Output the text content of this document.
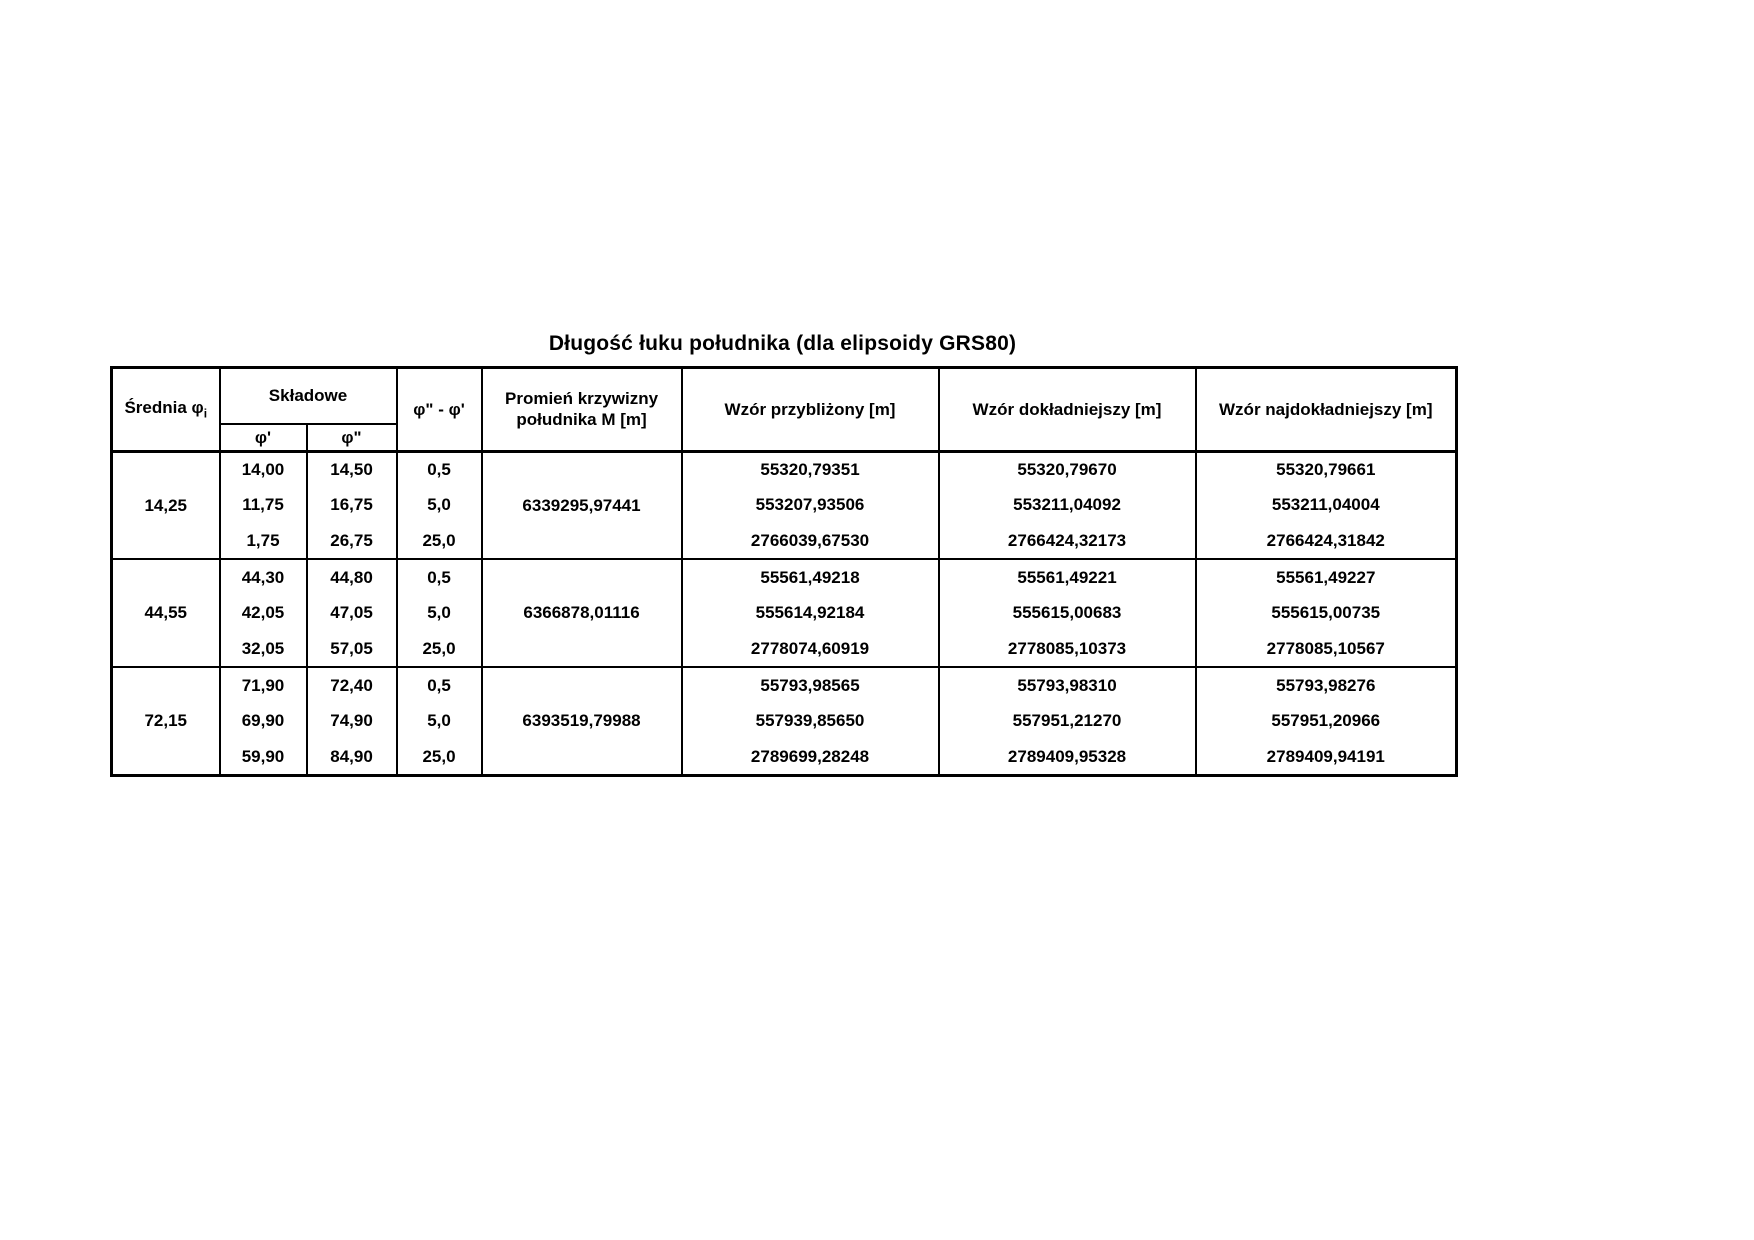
Długość łuku południka (dla elipsoidy GRS80)
Średnia $\varphi_i$	Składowe		φ" - φ'	Promień krzywizny południka M [m]	Wzór przybliżony [m]	Wzór dokładniejszy [m]	Wzór najdokładniejszy [m]
	φ'	φ"					
14,25	14,00	14,50	0,5	6339295,97441	55320,79351	55320,79670	55320,79661
	11,75	16,75	5,0		553207,93506	553211,04092	553211,04004
	1,75	26,75	25,0		2766039,67530	2766424,32173	2766424,31842
44,55	44,30	44,80	0,5	6366878,01116	55561,49218	55561,49221	55561,49227
	42,05	47,05	5,0		555614,92184	555615,00683	555615,00735
	32,05	57,05	25,0		2778074,60919	2778085,10373	2778085,10567
72,15	71,90	72,40	0,5	6393519,79988	55793,98565	55793,98310	55793,98276
	69,90	74,90	5,0		557939,85650	557951,21270	557951,20966
	59,90	84,90	25,0		2789699,28248	2789409,95328	2789409,94191
